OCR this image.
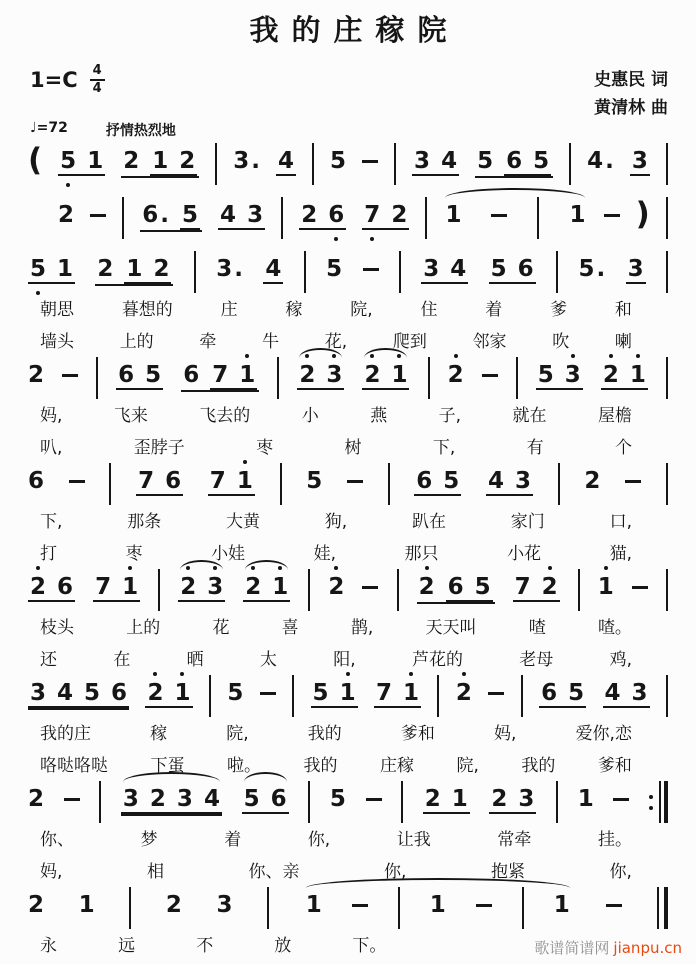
我的庄稼院
1=C 4
4	史惠民 词
黄清林 曲
♩=72	抒情热烈地
( 5 1 2 1 2 3 . 4 5	3 4 5 6 5 4 . 3
2	6 . 5 4 3 2 6 7 2 1	1 )
5 1 2 1 2 3 . 4 5	3 4 5 6 5 . 3
朝思	暮想的	庄	稼	院,	住	着	爹	和
墙头	上的	牵	牛	花,	爬到	邻家	吹	喇
2	6 5 6 7 1 2 3 2 1 2	5 3 2 1
妈,	飞来	飞去的	小	燕	子,	就在	屋檐
叭,	歪脖子	枣	树	下,	有	个
6	7 6 7 1 5	6 5 4 3 2
下,	那条	大黄	狗,	趴在	家门	口,
打	枣	小娃	娃,	那只	小花	猫,
2 6 7 1 2 3 2 1 2	2 6 5 7 2 1
枝头	上的	花	喜	鹊,	天天叫	喳	喳。
还	在	晒	太	阳,	芦花的	老母	鸡,
3 4 5 6 2 1 5	5 1 7 1 2	6 5 4 3
我的庄	稼	院,	我的	爹和	妈,	爱你,恋
咯哒咯哒	下蛋	啦。	我的	庄稼	院,	我的	爹和
2	3 2 3 4 5 6 5	2 1 2 3 1
你、	梦	着	你,	让我	常牵	挂。
妈,	相	你、亲	你,	抱紧	你,
2 1	2 3	1	1	1
永	远	不	放	下。	歌谱简谱网 jianpu.cn
